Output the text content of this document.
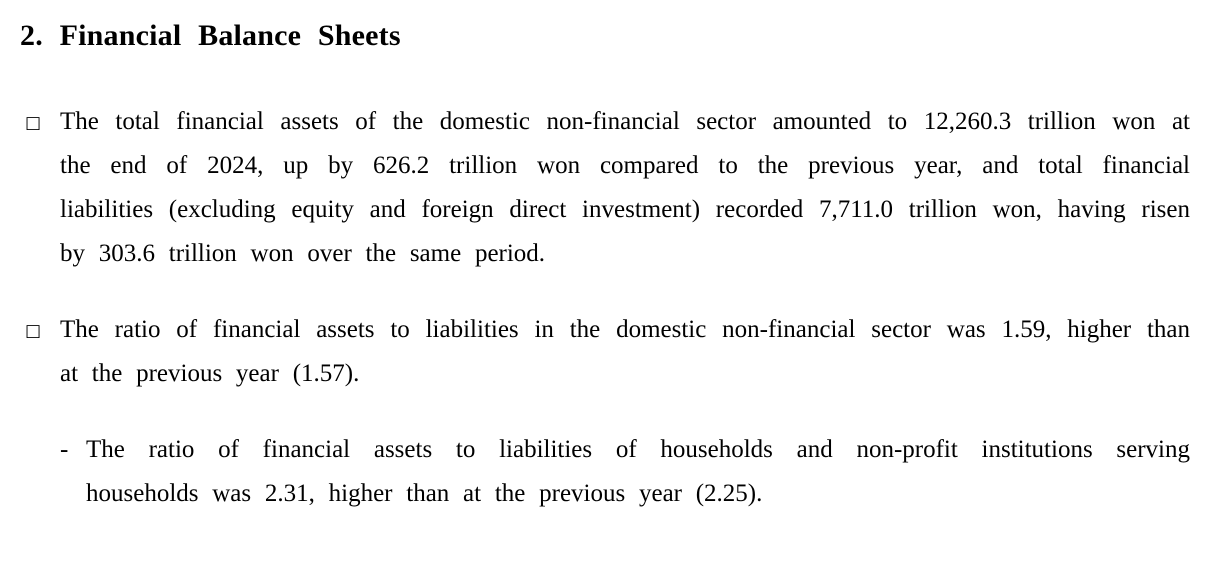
2. Financial Balance Sheets
□ The total financial assets of the domestic non-financial sector amounted to 12,260.3 trillion won at the end of 2024, up by 626.2 trillion won compared to the previous year, and total financial liabilities (excluding equity and foreign direct investment) recorded 7,711.0 trillion won, having risen by 303.6 trillion won over the same period.

□ The ratio of financial assets to liabilities in the domestic non-financial sector was 1.59, higher than at the previous year (1.57).

- The ratio of financial assets to liabilities of households and non-profit institutions serving households was 2.31, higher than at the previous year (2.25).
